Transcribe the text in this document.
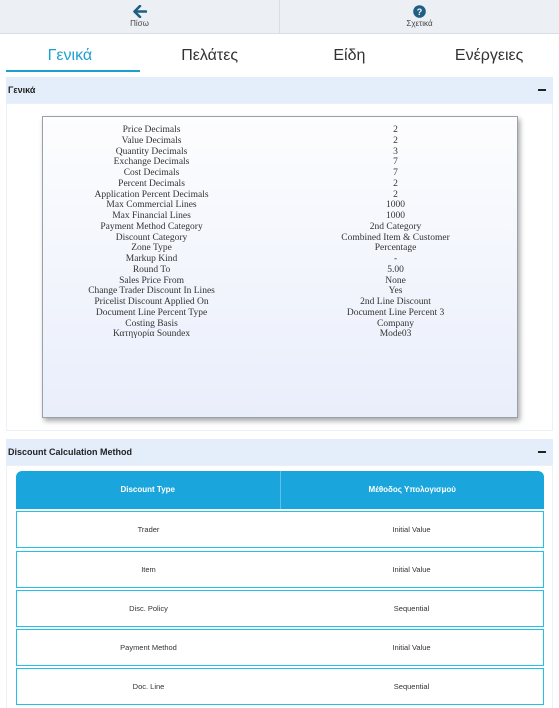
Πίσω
?
Σχετικά
Γενικά	Πελάτες	Είδη	Ενέργειες
Γενικά
Price Decimals	2
Value Decimals	2
Quantity Decimals	3
Exchange Decimals	7
Cost Decimals	7
Percent Decimals	2
Application Percent Decimals	2
Max Commercial Lines	1000
Max Financial Lines	1000
Payment Method Category	2nd Category
Discount Category	Combined Item & Customer
Zone Type	Percentage
Markup Kind	-
Round To	5.00
Sales Price From	None
Change Trader Discount In Lines	Yes
Pricelist Discount Applied On	2nd Line Discount
Document Line Percent Type	Document Line Percent 3
Costing Basis	Company
Κατηγορία Soundex	Mode03
Discount Calculation Method
Discount Type	Μέθοδος Υπολογισμού
Trader	Initial Value
Item	Initial Value
Disc. Policy	Sequential
Payment Method	Initial Value
Doc. Line	Sequential
